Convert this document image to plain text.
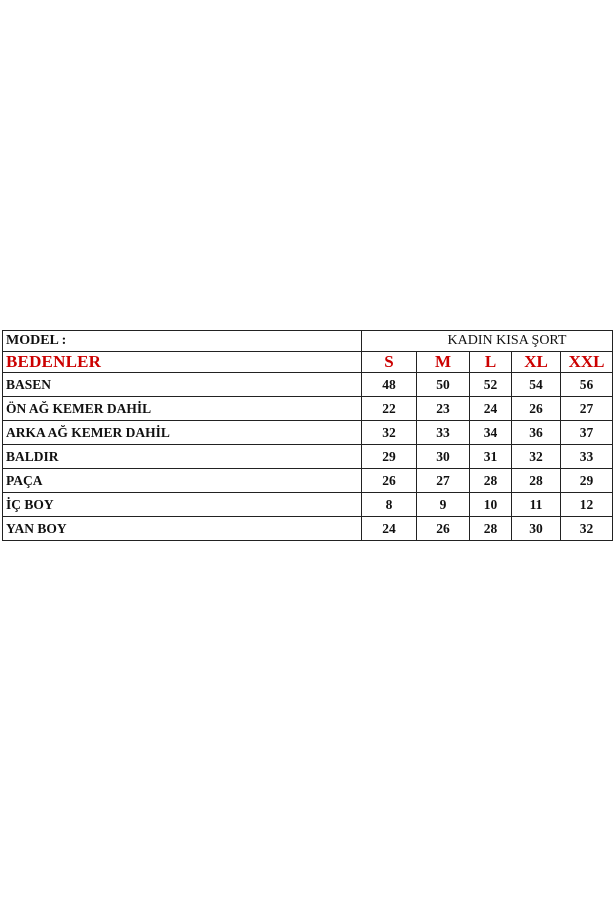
MODEL :	KADIN KISA ŞORT				
BEDENLER	S	M	L	XL	XXL
BASEN	48	50	52	54	56
ÖN AĞ KEMER DAHİL	22	23	24	26	27
ARKA AĞ KEMER DAHİL	32	33	34	36	37
BALDIR	29	30	31	32	33
PAÇA	26	27	28	28	29
İÇ BOY	8	9	10	11	12
YAN BOY	24	26	28	30	32
